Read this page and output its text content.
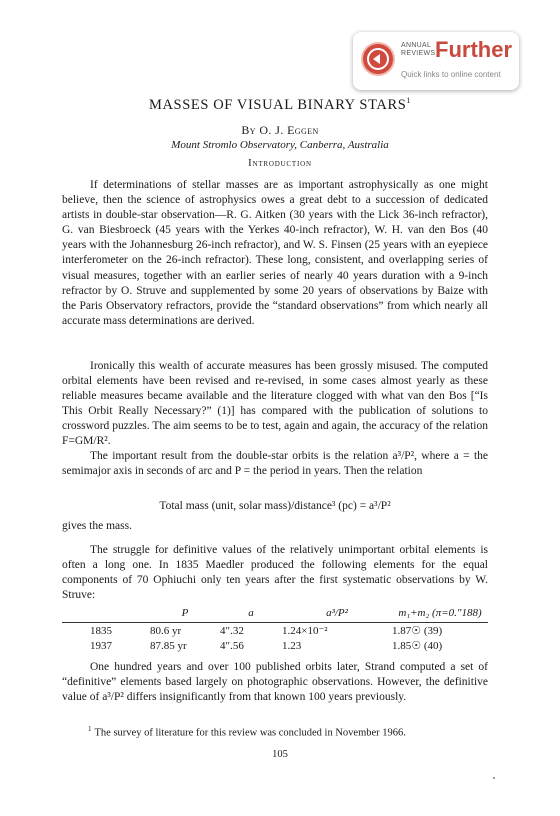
ANNUAL
REVIEWS Further
Quick links to online content
MASSES OF VISUAL BINARY STARS$^1$
By O. J. Eggen
Mount Stromlo Observatory, Canberra, Australia
Introduction

If determinations of stellar masses are as important astrophysically as one might believe, then the science of astrophysics owes a great debt to a succession of dedicated artists in double-star observation—R. G. Aitken (30 years with the Lick 36-inch refractor), G. van Biesbroeck (45 years with the Yerkes 40-inch refractor), W. H. van den Bos (40 years with the Johannesburg 26-inch refractor), and W. S. Finsen (25 years with an eyepiece interferometer on the 26-inch refractor). These long, consistent, and overlapping series of visual measures, together with an earlier series of nearly 40 years duration with a 9-inch refractor by O. Struve and supplemented by some 20 years of observations by Baize with the Paris Observatory refractors, provide the “standard observations” from which nearly all accurate mass determinations are derived.

Ironically this wealth of accurate measures has been grossly misused. The computed orbital elements have been revised and re-revised, in some cases almost yearly as these reliable measures became available and the literature clogged with what van den Bos [“Is This Orbit Really Necessary?” (1)] has compared with the publication of solutions to crossword puzzles. The aim seems to be to test, again and again, the accuracy of the relation F=GM/R².

The important result from the double-star orbits is the relation a³/P², where a = the semimajor axis in seconds of arc and P = the period in years. Then the relation

Total mass (unit, solar mass)/distance³ (pc) = a³/P²

gives the mass.

The struggle for definitive values of the relatively unimportant orbital elements is often a long one. In 1835 Maedler produced the following elements for the equal components of 70 Ophiuchi only ten years after the first systematic observations by W. Struve:

	P	a	a³/P²	m₁+m₂ (π=0.″188)

1835	80.6 yr	4″.32	1.24×10⁻²	1.87☉ (39)
1937	87.85 yr	4″.56	1.23	1.85☉ (40)

One hundred years and over 100 published orbits later, Strand computed a set of “definitive” elements based largely on photographic observations. However, the definitive value of a³/P² differs insignificantly from that known 100 years previously.

$^1$ The survey of literature for this review was concluded in November 1966.
105
